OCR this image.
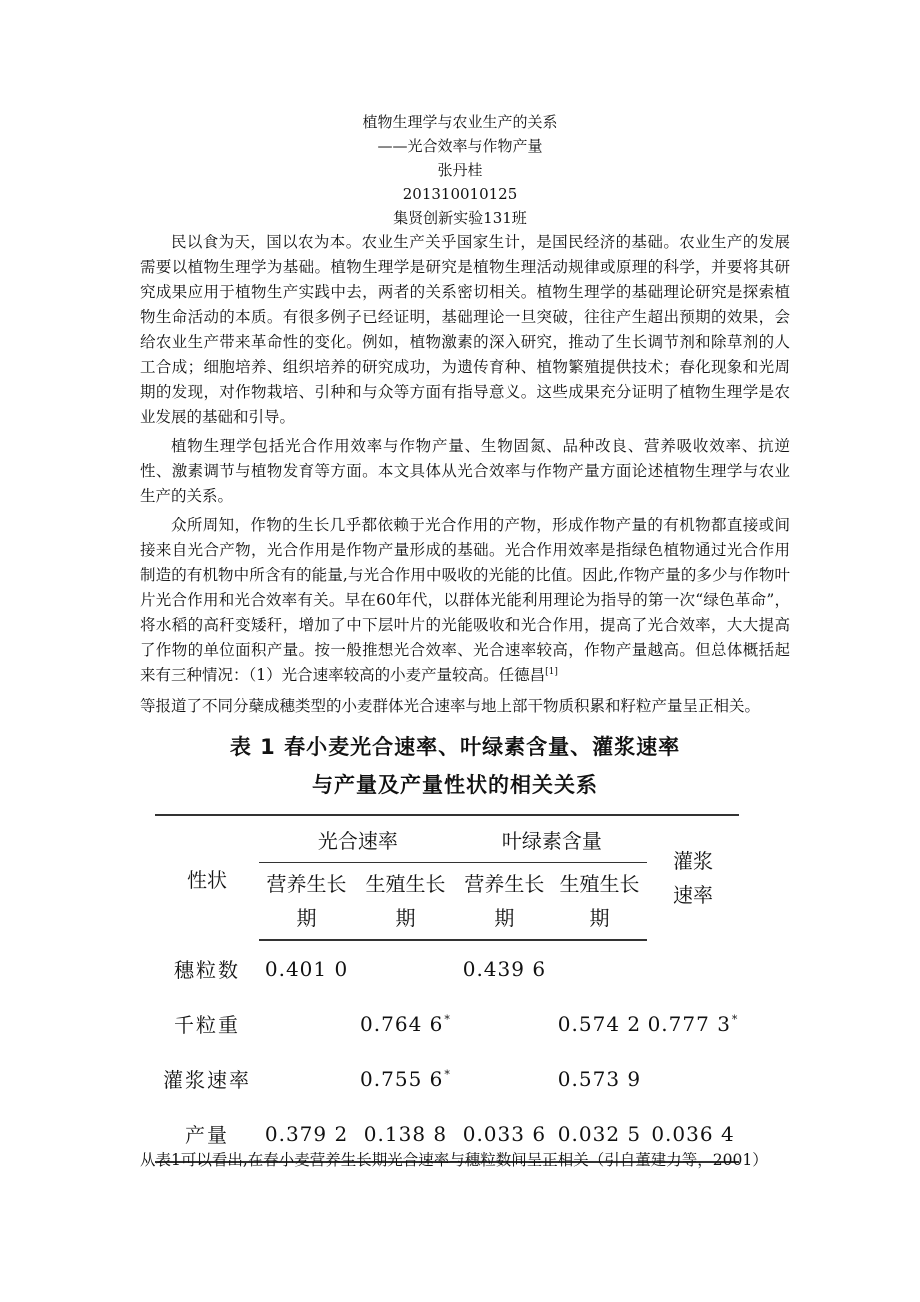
植物生理学与农业生产的关系
——光合效率与作物产量
张丹桂
201310010125
集贤创新实验131班

民以食为天，国以农为本。农业生产关乎国家生计，是国民经济的基础。农业生产的发展需要以植物生理学为基础。植物生理学是研究是植物生理活动规律或原理的科学，并要将其研究成果应用于植物生产实践中去，两者的关系密切相关。植物生理学的基础理论研究是探索植物生命活动的本质。有很多例子已经证明，基础理论一旦突破，往往产生超出预期的效果，会给农业生产带来革命性的变化。例如，植物激素的深入研究，推动了生长调节剂和除草剂的人工合成；细胞培养、组织培养的研究成功，为遗传育种、植物繁殖提供技术；春化现象和光周期的发现，对作物栽培、引种和与众等方面有指导意义。这些成果充分证明了植物生理学是农业发展的基础和引导。

植物生理学包括光合作用效率与作物产量、生物固氮、品种改良、营养吸收效率、抗逆性、激素调节与植物发育等方面。本文具体从光合效率与作物产量方面论述植物生理学与农业生产的关系。

众所周知，作物的生长几乎都依赖于光合作用的产物，形成作物产量的有机物都直接或间接来自光合产物，光合作用是作物产量形成的基础。光合作用效率是指绿色植物通过光合作用制造的有机物中所含有的能量,与光合作用中吸收的光能的比值。因此,作物产量的多少与作物叶片光合作用和光合效率有关。早在60年代，以群体光能利用理论为指导的第一次“绿色革命”，将水稻的高秆变矮秆，增加了中下层叶片的光能吸收和光合作用，提高了光合效率，大大提高了作物的单位面积产量。按一般推想光合效率、光合速率较高，作物产量越高。但总体概括起来有三种情况：（1）光合速率较高的小麦产量较高。任德昌[1]

等报道了不同分蘖成穗类型的小麦群体光合速率与地上部干物质积累和籽粒产量呈正相关。

表 1 春小麦光合速率、叶绿素含量、灌浆速率
与产量及产量性状的相关关系
性状	光合速率		叶绿素含量		灌浆速率

	营养生长期	生殖生长期	营养生长期	生殖生长期	

穗粒数	0.401 0		0.439 6		
千粒重		0.764 6*		0.574 2	0.777 3*
灌浆速率		0.755 6*		0.573 9	
产量	0.379 2	0.138 8	0.033 6	0.032 5	0.036 4
从表1可以看出,在春小麦营养生长期光合速率与穗粒数间呈正相关（引自董建力等，2001）
